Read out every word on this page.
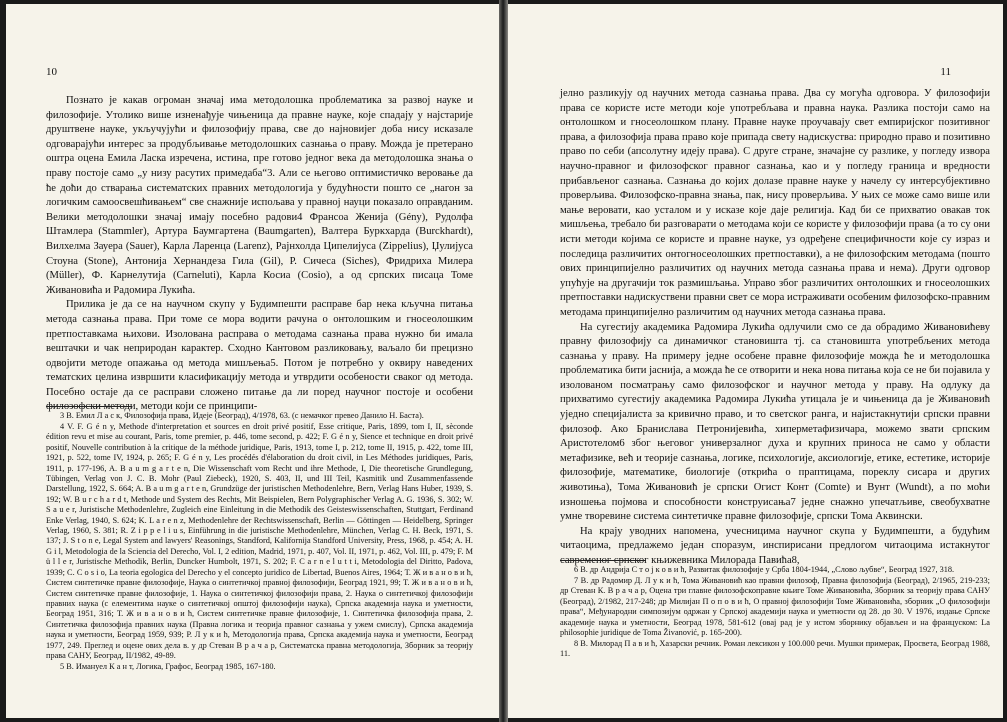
10

Познато је какав огроман значај има методолошка проблематика за развој науке и филозофије. Утолико више изненађује чињеница да правне науке, које спадају у најстарије друштвене науке, укључујући и филозофију права, све до најновијег доба нису исказале одговарајући интерес за продубљивање методолошких сазнања о праву. Можда је претерано оштра оцена Емила Ласка изречена, истина, пре готово једног века да методолошка знања о праву постоје само „у низу расутих примедаба“3. Али се његово оптимистичко веровање да ће доћи до стварања систематских правних методологија у будућности пошто се „нагон за логичким самоосвешћивањем“ све снажније испољава у правној науци показало оправданим. Велики методолошки значај имају посебно радови4 Франсоа Женија (Gény), Рудолфа Штамлера (Stammler), Артура Баумгартена (Baumgarten), Валтера Буркхарда (Burckhardt), Вилхелма Зауера (Sauer), Карла Ларенца (Larenz), Рајнхолда Ципелијуса (Zippelius), Џулијуса Стоуна (Stone), Антонија Хернандеза Гила (Gil), Р. Сичеса (Siches), Фридриха Милера (Müller), Ф. Карнелутија (Carneluti), Карла Косиа (Cosio), а од српских писаца Томе Живановића и Радомира Лукића.

Прилика је да се на научном скупу у Будимпешти расправе бар нека кључна питања метода сазнања права. При томе се мора водити рачуна о онтолошким и гносеолошким претпоставкама њихови. Изолована расправа о методама сазнања права нужно би имала вештачки и чак неприродан карактер. Сходно Кантовом разликовању, ваљало би прецизно одвојити методе опажања од метода мишљења5. Потом је потребно у оквиру наведених тематских целина извршити класификацију метода и утврдити особености сваког од метода. Посебно остаје да се расправи сложено питање да ли поред научног постоје и особени филозофски методи, методи који се принципи-

3 В. Емил Л а с к, Филозофија права, Идеје (Београд), 4/1978, 63. (с немачког превео Данило Н. Баста).

4 V. F. G é n y, Methode d'interpretation et sources en droit privé positif, Esse critique, Paris, 1899, tom I, II, sèconde édition revu et mise au courant, Paris, tome premier, p. 446, tome second, p. 422; F. G é n y, Sience et technique en droit privé positif, Nouvelle contribution à la critique de la méthode juridique, Paris, 1913, tome I, p. 212, tome II, 1915, p. 422, tome III, 1921, p. 522, tome IV, 1924, p. 265; F. G é n y, Les procédés d'élaboration du droit civil, in Les Méthodes juridiques, Paris, 1911, p. 177-196, A. B a u m g a r t e n, Die Wissenschaft vom Recht und ihre Methode, I, Die theoretische Grundlegung, Tübingen, Verlag von J. C. B. Mohr (Paul Ziebeck), 1920, S. 403, II, und III Teil, Kasmitik und Zusammenfassende Darstellung, 1922, S. 664; A. B a u m g a r t e n, Grundzüge der juristischen Methodenlehre, Bern, Verlag Hans Huber, 1939, S. 192; W. B u r c h a r d t, Methode und System des Rechts, Mit Beispielen, Bern Polygraphischer Verlag A. G. 1936, S. 302; W. S a u e r, Juristische Methodenlehre, Zugleich eine Einleitung in die Methodik des Geisteswissenschaften, Stuttgart, Ferdinand Enke Verlag, 1940, S. 624; K. L a r e n z, Methodenlehre der Rechtswissenschaft, Berlin — Göttingen — Heidelberg, Springer Verlag, 1960, S. 381; R. Z i p p e l i u s, Einführung in die juristische Methodenlehre, München, Verlag C. H. Beck, 1971, S. 137; J. S t o n e, Legal System and lawyers' Reasonings, Standford, Kalifornija Standford University, Press, 1968, p. 454; A. H. G i l, Metodologia de la Sciencia del Derecho, Vol. I, 2 edition, Madrid, 1971, p. 407, Vol. II, 1971, p. 462, Vol. III, p. 479; F. M ü l l e r, Juristische Methodik, Berlin, Duncker Humbolt, 1971, S. 202; F. C a r n e l u t t i, Metodologia del Diritto, Padova, 1939; C. C o s i o, La teoria egologica del Derecho y el concepto juridico de Libertad, Buenos Aires, 1964; Т. Ж и в а н о в и ћ, Систем синтетичке правне филозофије, Наука о синтетичкој правној филозофији, Београд 1921, 99; Т. Ж и в а н о в и ћ, Систем синтетичке правне филозофије, 1. Наука о синтетичкој филозофији права, 2. Наука о синтетичкој филозофији правних наука (с елементима науке о синтетичкој општој филозофији наука), Српска академија наука и уметности, Београд 1951, 316; Т. Ж и в а н о в и ћ, Систем синтетичке правне филозофије, 1. Синтетичка филозофија права, 2. Синтетичка филозофија правних наука (Правна логика и теорија правног сазнања у ужем смислу), Српска академија наука и уметности, Београд 1959, 939; Р. Л у к и ћ, Методологија права, Српска академија наука и уметности, Београд 1977, 249. Преглед и оцене ових дела в. у др Стеван В р а ч а р, Систематска правна методологија, Зборник за теорију права САНУ, Београд, II/1982, 49-89.

5 В. Имануел К а н т, Логика, Графос, Београд 1985, 167-180.

11

јелно разликују од научних метода сазнања права. Два су могућа одговора. У филозофији права се користе исте методи које употребљава и правна наука. Разлика постоји само на онтолошком и гносеолошком плану. Правне науке проучавају свет емпиријског позитивног права, а филозофија права право које припада свету надискуства: природно право и позитивно право по себи (апсолутну идеју права). С друге стране, значајне су разлике, у погледу извора научно-правног и филозофског правног сазнања, као и у погледу граница и вредности прибављеног сазнања. Сазнања до којих долазе правне науке у начелу су интерсубјективно проверљива. Филозофско-правна знања, пак, нису проверљива. У њих се може само више или мање веровати, као усталом и у исказе које даје религија. Кад би се прихватио овакав ток мишљења, требало би разговарати о методама који се користе у филозофији права (а то су они исти методи којима се користе и правне науке, уз одређене специфичности које су израз и последица различитих онтогносеолошких претпоставки), а не филозофским методама (пошто ових принципијелно различитих од научних метода сазнања права и нема). Други одговор упућује на другачији ток размишљања. Управо због различитих онтолошких и гносеолошких претпоставки надискуствени правни свет се мора истраживати особеним филозофско-правним методама принципијелно различитим од научних метода сазнања права.

На сугестију академика Радомира Лукића одлучили смо се да обрадимо Живановићеву правну филозофију са динамичког становишта тј. са становишта употребљених метода сазнања у праву. На примеру једне особене правне филозофије можда ће и методолошка проблематика бити јаснија, а можда ће се отворити и нека нова питања која се не би појавила у изолованом посматрању само филозофског и научног метода у праву. На одлуку да прихватимо сугестију академика Радомира Лукића утицала је и чињеница да је Живановић уједно специјалиста за кривично право, и то светског ранга, и најистакнутији српски правни филозоф. Ако Бранислава Петронијевића, хиперметафизичара, можемо звати српским Аристотелом6 због његовог универзалног духа и крупних приноса не само у области метафизике, већ и теорије сазнања, логике, психологије, аксиологије, етике, естетике, историје филозофије, математике, биологије (открића о праптицама, пореклу сисара и других животиња), Тома Живановић је српски Огист Конт (Comte) и Вунт (Wundt), а по моћи изношења појмова и способности конструисања7 једне снажно упечатљиве, свеобухватне умне творевине система синтетичке правне филозофије, српски Тома Аквински.

На крају уводних напомена, учесницима научног скупа у Будимпешти, а будућим читаоцима, предлажемо један споразум, инспирисани предлогом читаоцима истакнутог савременог српског књижевника Милорада Павића8,

6 В. др Андрија С т о ј к о в и ћ, Развитак филозофије у Срба 1804-1944, „Слово љубве“, Београд 1927, 318.

7 В. др Радомир Д. Л у к и ћ, Тома Живановић као правни филозоф, Правна филозофија (Београд), 2/1965, 219-233; др Стеван К. В р а ч а р, Оцена три главне филозофскоправне књиге Томе Живановића, Зборник за теорију права САНУ (Београд), 2/1982, 217-248; др Милијан П о п о в и ћ, О правној филозофији Томе Живановића, зборник „О филозофији права“, Међународни симпозијум одржан у Српској академији наука и уметности од 28. до 30. V 1976, издање Српске академије наука и уметности, Београд 1978, 581-612 (овај рад је у истом зборнику објављен и на француском: La philosophie juridique de Toma Živanović, p. 165-200).

8 В. Милорад П а в и ћ, Хазарски речник. Роман лексикон у 100.000 речи. Мушки примерак, Просвета, Београд 1988, 11.
